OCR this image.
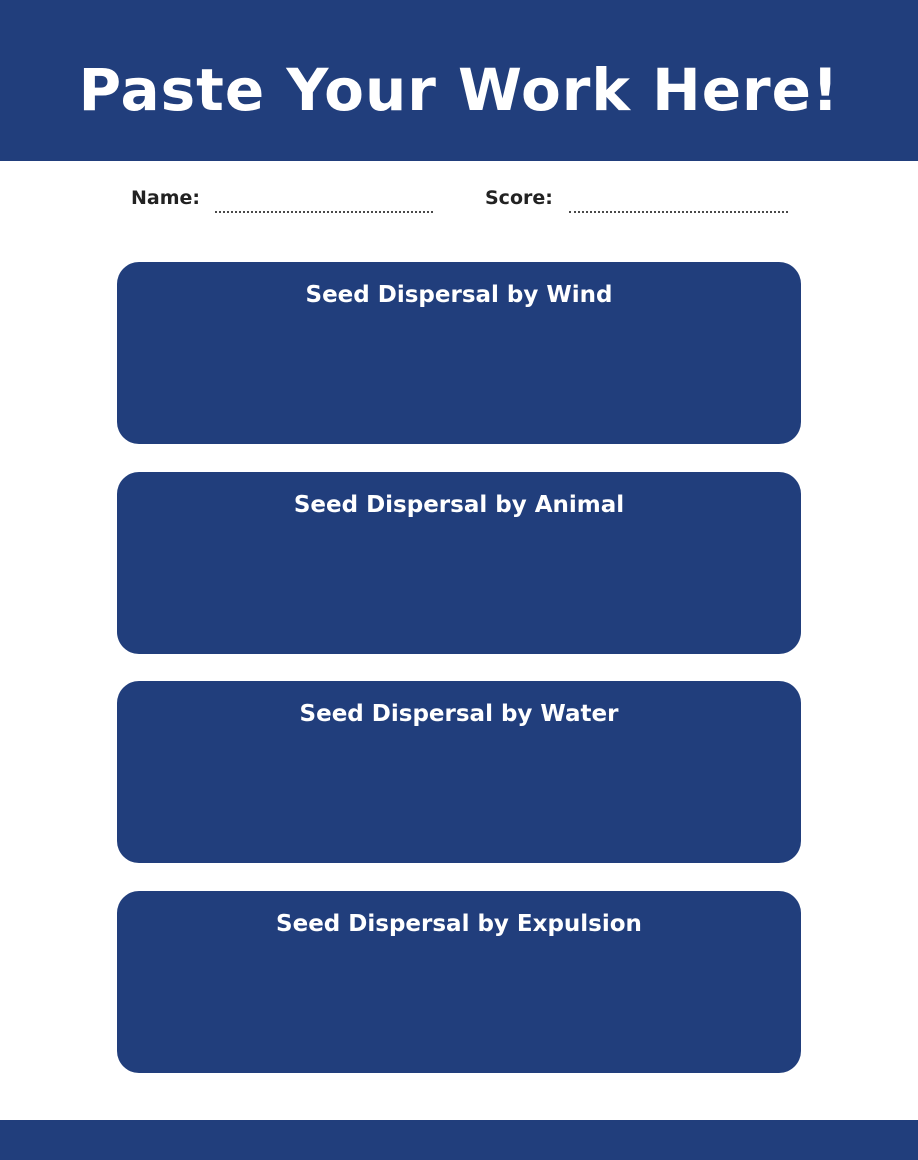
Paste Your Work Here!
Name:	Score:
Seed Dispersal by Wind
Seed Dispersal by Animal
Seed Dispersal by Water
Seed Dispersal by Expulsion
